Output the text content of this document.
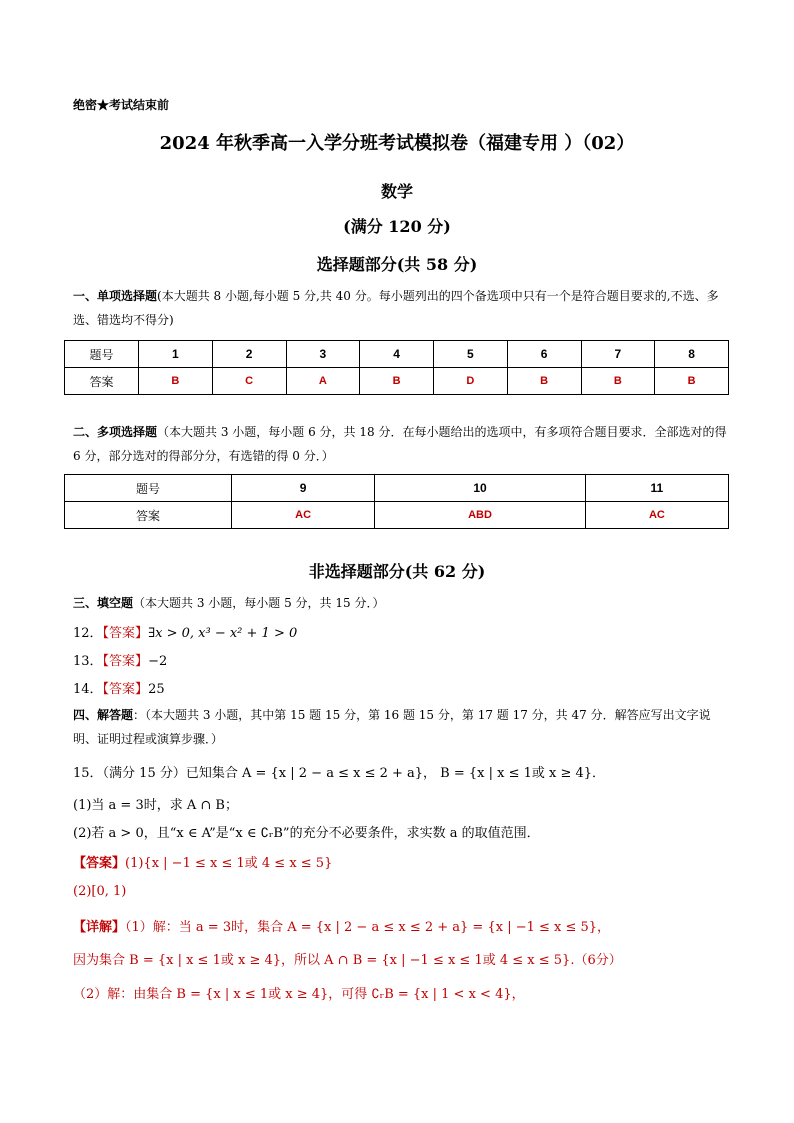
绝密★考试结束前
2024 年秋季高一入学分班考试模拟卷（福建专用 ）（02）
数学
(满分 120 分)
选择题部分(共 58 分)
一、单项选择题(本大题共 8 小题,每小题 5 分,共 40 分。每小题列出的四个备选项中只有一个是符合题目要求的,不选、多选、错选均不得分)
题号	1	2	3	4	5	6	7	8
答案	B	C	A	B	D	B	B	B
二、多项选择题（本大题共 3 小题，每小题 6 分，共 18 分．在每小题给出的选项中，有多项符合题目要求．全部选对的得 6 分，部分选对的得部分分，有选错的得 0 分．）
题号	9	10	11
答案	AC	ABD	AC
非选择题部分(共 62 分)
三、填空题（本大题共 3 小题，每小题 5 分，共 15 分．）
12．【答案】∃x > 0, x³ − x² + 1 > 0
13．【答案】−2
14．【答案】25
四、解答题：（本大题共 3 小题，其中第 15 题 15 分，第 16 题 15 分，第 17 题 17 分，共 47 分．解答应写出文字说明、证明过程或演算步骤．）
15．（满分 15 分）已知集合 A = {x | 2 − a ≤ x ≤ 2 + a}， B = {x | x ≤ 1或 x ≥ 4}．
(1)当 a = 3时，求 A ∩ B；
(2)若 a > 0，且“x ∈ A”是“x ∈ ∁ᵣB”的充分不必要条件，求实数 a 的取值范围．
【答案】(1){x | −1 ≤ x ≤ 1或 4 ≤ x ≤ 5}
(2)[0, 1)
【详解】（1）解：当 a = 3时，集合 A = {x | 2 − a ≤ x ≤ 2 + a} = {x | −1 ≤ x ≤ 5}，
因为集合 B = {x | x ≤ 1或 x ≥ 4}，所以 A ∩ B = {x | −1 ≤ x ≤ 1或 4 ≤ x ≤ 5}.（6分）
（2）解：由集合 B = {x | x ≤ 1或 x ≥ 4}，可得 ∁ᵣB = {x | 1 < x < 4}，
